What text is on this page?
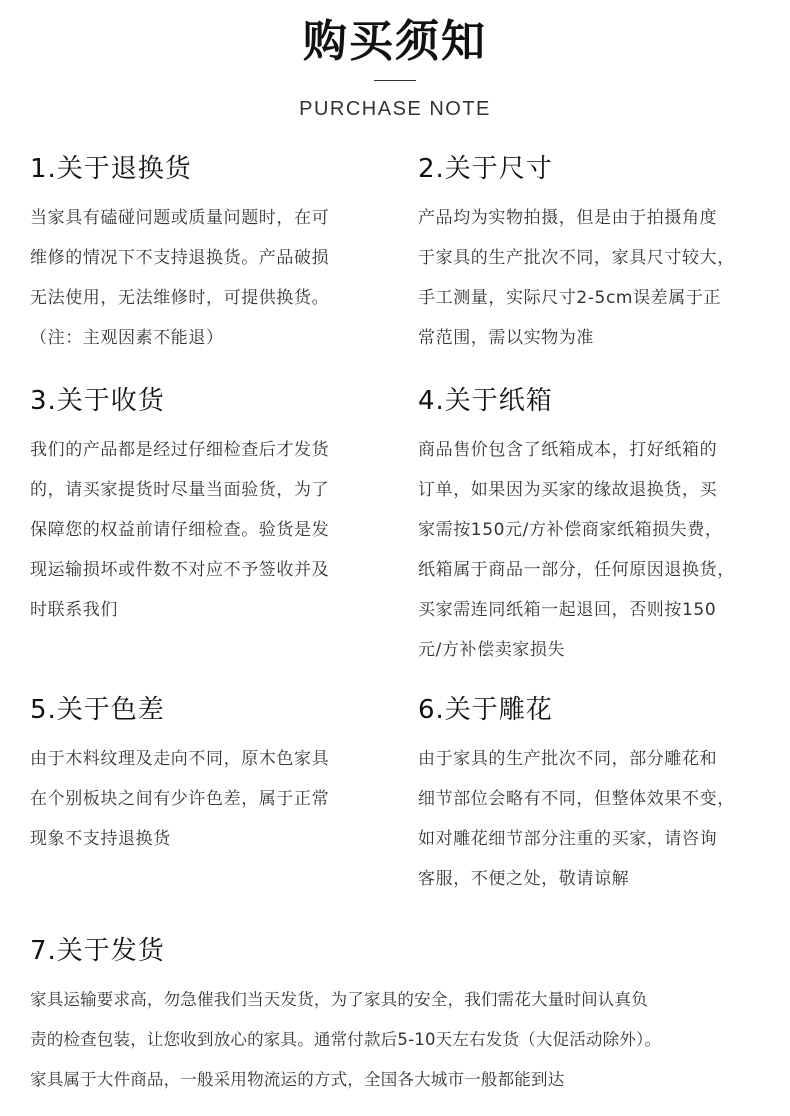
购买须知
PURCHASE NOTE
1.关于退换货
当家具有磕碰问题或质量问题时，在可
维修的情况下不支持退换货。产品破损
无法使用，无法维修时，可提供换货。
（注：主观因素不能退）
2.关于尺寸
产品均为实物拍摄，但是由于拍摄角度
于家具的生产批次不同，家具尺寸较大，
手工测量，实际尺寸2-5cm误差属于正
常范围，需以实物为准
3.关于收货
我们的产品都是经过仔细检查后才发货
的，请买家提货时尽量当面验货，为了
保障您的权益前请仔细检查。验货是发
现运输损坏或件数不对应不予签收并及
时联系我们
4.关于纸箱
商品售价包含了纸箱成本，打好纸箱的
订单，如果因为买家的缘故退换货，买
家需按150元/方补偿商家纸箱损失费，
纸箱属于商品一部分，任何原因退换货，
买家需连同纸箱一起退回，否则按150
元/方补偿卖家损失
5.关于色差
由于木料纹理及走向不同，原木色家具
在个别板块之间有少许色差，属于正常
现象不支持退换货
6.关于雕花
由于家具的生产批次不同，部分雕花和
细节部位会略有不同，但整体效果不变，
如对雕花细节部分注重的买家，请咨询
客服，不便之处，敬请谅解
7.关于发货
家具运输要求高，勿急催我们当天发货，为了家具的安全，我们需花大量时间认真负
责的检查包装，让您收到放心的家具。通常付款后5-10天左右发货（大促活动除外）。
家具属于大件商品，一般采用物流运的方式，全国各大城市一般都能到达
